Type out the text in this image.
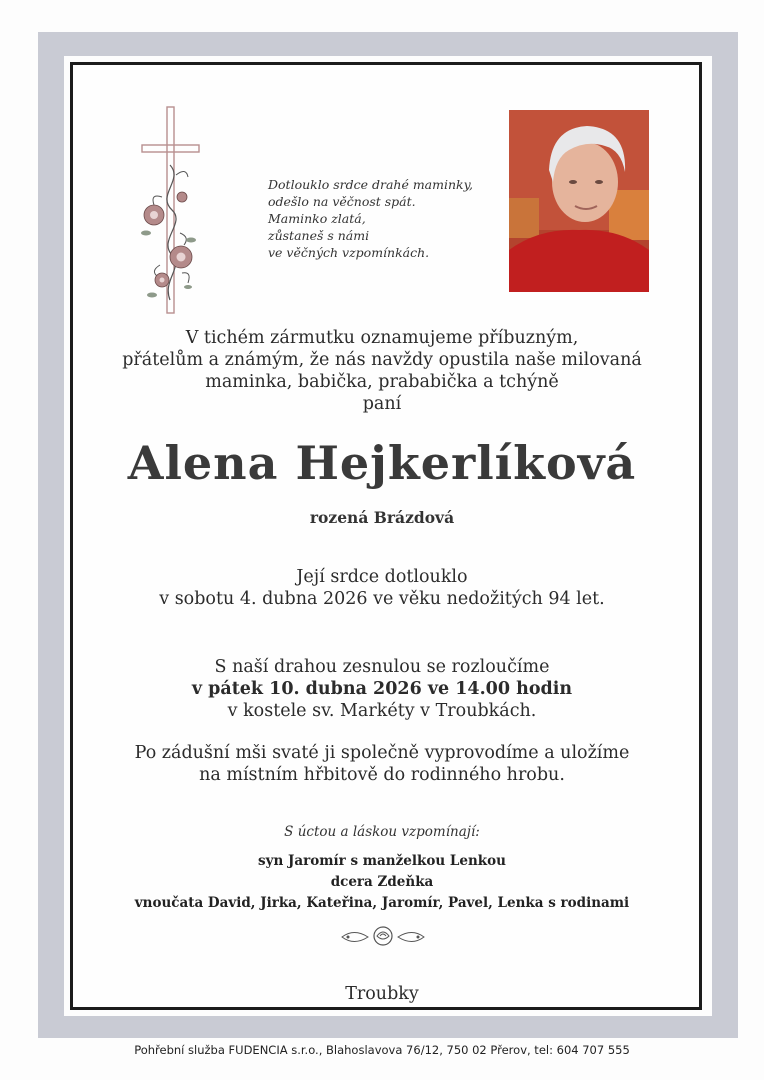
Dotlouklo srdce drahé maminky,
odešlo na věčnost spát.
Maminko zlatá,
zůstaneš s námi
ve věčných vzpomínkách.
V tichém zármutku oznamujeme příbuzným,
přátelům a známým, že nás navždy opustila naše milovaná
maminka, babička, prababička a tchýně
paní
Alena Hejkerlíková
rozená Brázdová
Její srdce dotlouklo
v sobotu 4. dubna 2026 ve věku nedožitých 94 let.
S naší drahou zesnulou se rozloučíme
v pátek 10. dubna 2026 ve 14.00 hodin
v kostele sv. Markéty v Troubkách.
Po zádušní mši svaté ji společně vyprovodíme a uložíme
na místním hřbitově do rodinného hrobu.
S úctou a láskou vzpomínají:
syn Jaromír s manželkou Lenkou
dcera Zdeňka
vnoučata David, Jirka, Kateřina, Jaromír, Pavel, Lenka s rodinami
Troubky
Pohřební služba FUDENCIA s.r.o., Blahoslavova 76/12, 750 02 Přerov, tel: 604 707 555
